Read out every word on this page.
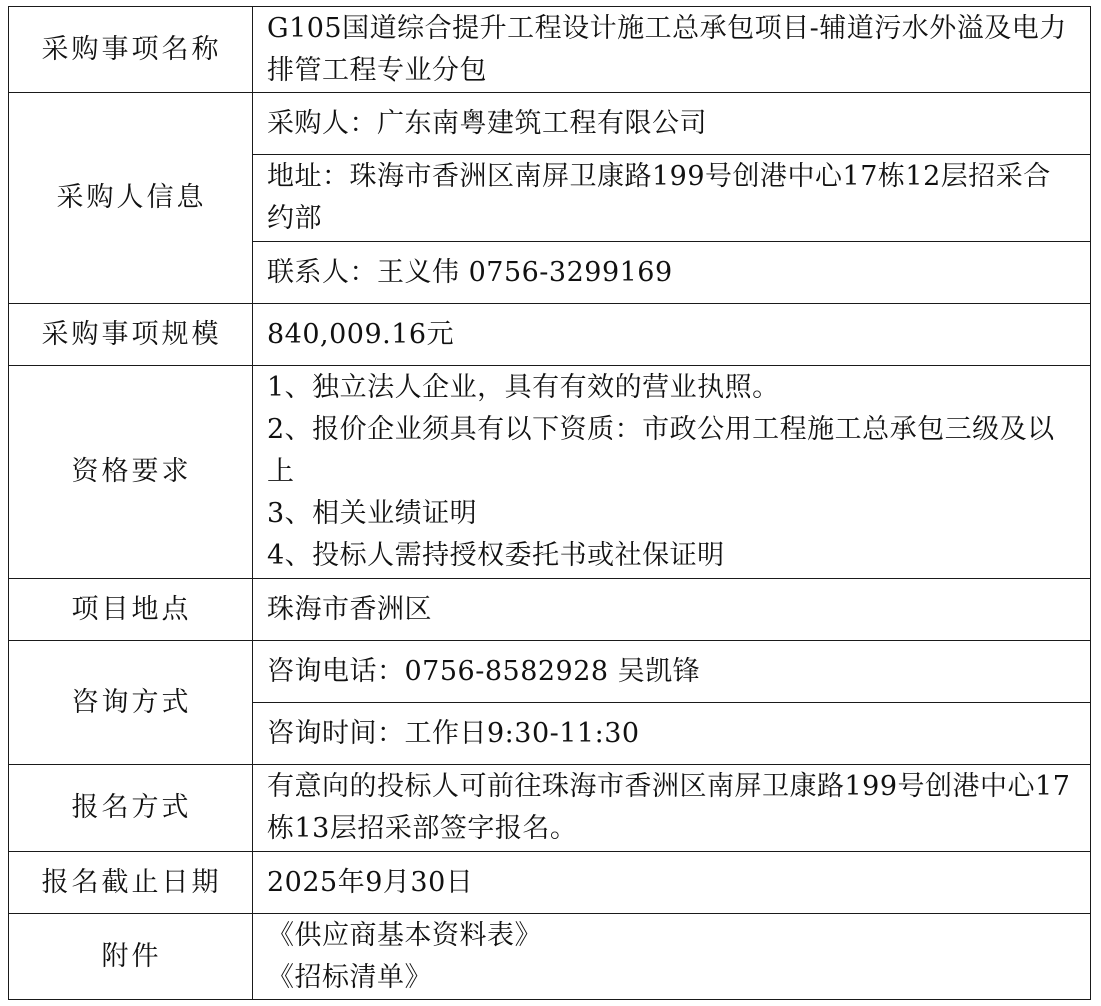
采购事项名称	G105国道综合提升工程设计施工总承包项目-辅道污水外溢及电力排管工程专业分包
采购人信息	采购人：广东南粤建筑工程有限公司
	地址：珠海市香洲区南屏卫康路199号创港中心17栋12层招采合约部
	联系人：王义伟 0756-3299169
采购事项规模	840,009.16元
资格要求	1、独立法人企业，具有有效的营业执照。
2、报价企业须具有以下资质：市政公用工程施工总承包三级及以上
3、相关业绩证明
4、投标人需持授权委托书或社保证明

项目地点	珠海市香洲区
咨询方式	咨询电话：0756-8582928 吴凯锋
	咨询时间：工作日9:30-11:30
报名方式	有意向的投标人可前往珠海市香洲区南屏卫康路199号创港中心17栋13层招采部签字报名。
报名截止日期	2025年9月30日
附件	《供应商基本资料表》
《招标清单》
